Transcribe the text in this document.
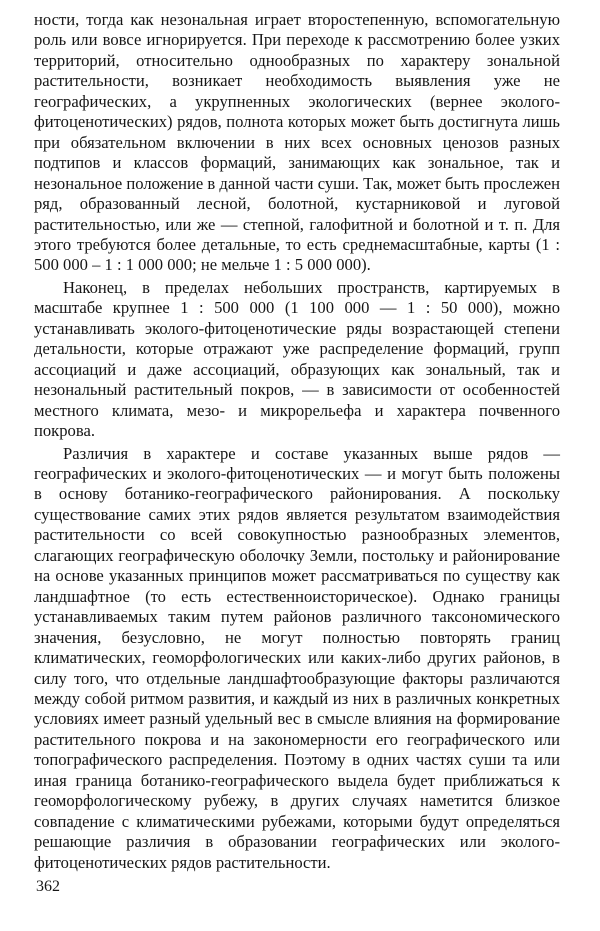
ности, тогда как незональная играет второстепенную, вспомогательную роль или вовсе игнорируется. При переходе к рассмотрению более узких территорий, относительно однообразных по характеру зональной растительности, возникает необходимость выявления уже не географических, а укрупненных экологических (вернее эколого-фитоценотических) рядов, полнота которых может быть достигнута лишь при обязательном включении в них всех основных ценозов разных подтипов и классов формаций, занимающих как зональное, так и незональное положение в данной части суши. Так, может быть прослежен ряд, образованный лесной, болотной, кустарниковой и луговой растительностью, или же — степной, галофитной и болотной и т. п. Для этого требуются более детальные, то есть среднемасштабные, карты (1 : 500 000 – 1 : 1 000 000; не мельче 1 : 5 000 000).

Наконец, в пределах небольших пространств, картируемых в масштабе крупнее 1 : 500 000 (1 100 000 — 1 : 50 000), можно устанавливать эколого-фитоценотические ряды возрастающей степени детальности, которые отражают уже распределение формаций, групп ассоциаций и даже ассоциаций, образующих как зональный, так и незональный растительный покров, — в зависимости от особенностей местного климата, мезо- и микрорельефа и характера почвенного покрова.

Различия в характере и составе указанных выше рядов — географических и эколого-фитоценотических — и могут быть положены в основу ботанико-географического районирования. А поскольку существование самих этих рядов является результатом взаимодействия растительности со всей совокупностью разнообразных элементов, слагающих географическую оболочку Земли, постольку и районирование на основе указанных принципов может рассматриваться по существу как ландшафтное (то есть естественноисторическое). Однако границы устанавливаемых таким путем районов различного таксономического значения, безусловно, не могут полностью повторять границ климатических, геоморфологических или каких-либо других районов, в силу того, что отдельные ландшафтообразующие факторы различаются между собой ритмом развития, и каждый из них в различных конкретных условиях имеет разный удельный вес в смысле влияния на формирование растительного покрова и на закономерности его географического или топографического распределения. Поэтому в одних частях суши та или иная граница ботанико-географического выдела будет приближаться к геоморфологическому рубежу, в других случаях наметится близкое совпадение с климатическими рубежами, которыми будут определяться решающие различия в образовании географических или эколого-фитоценотических рядов растительности.

362
